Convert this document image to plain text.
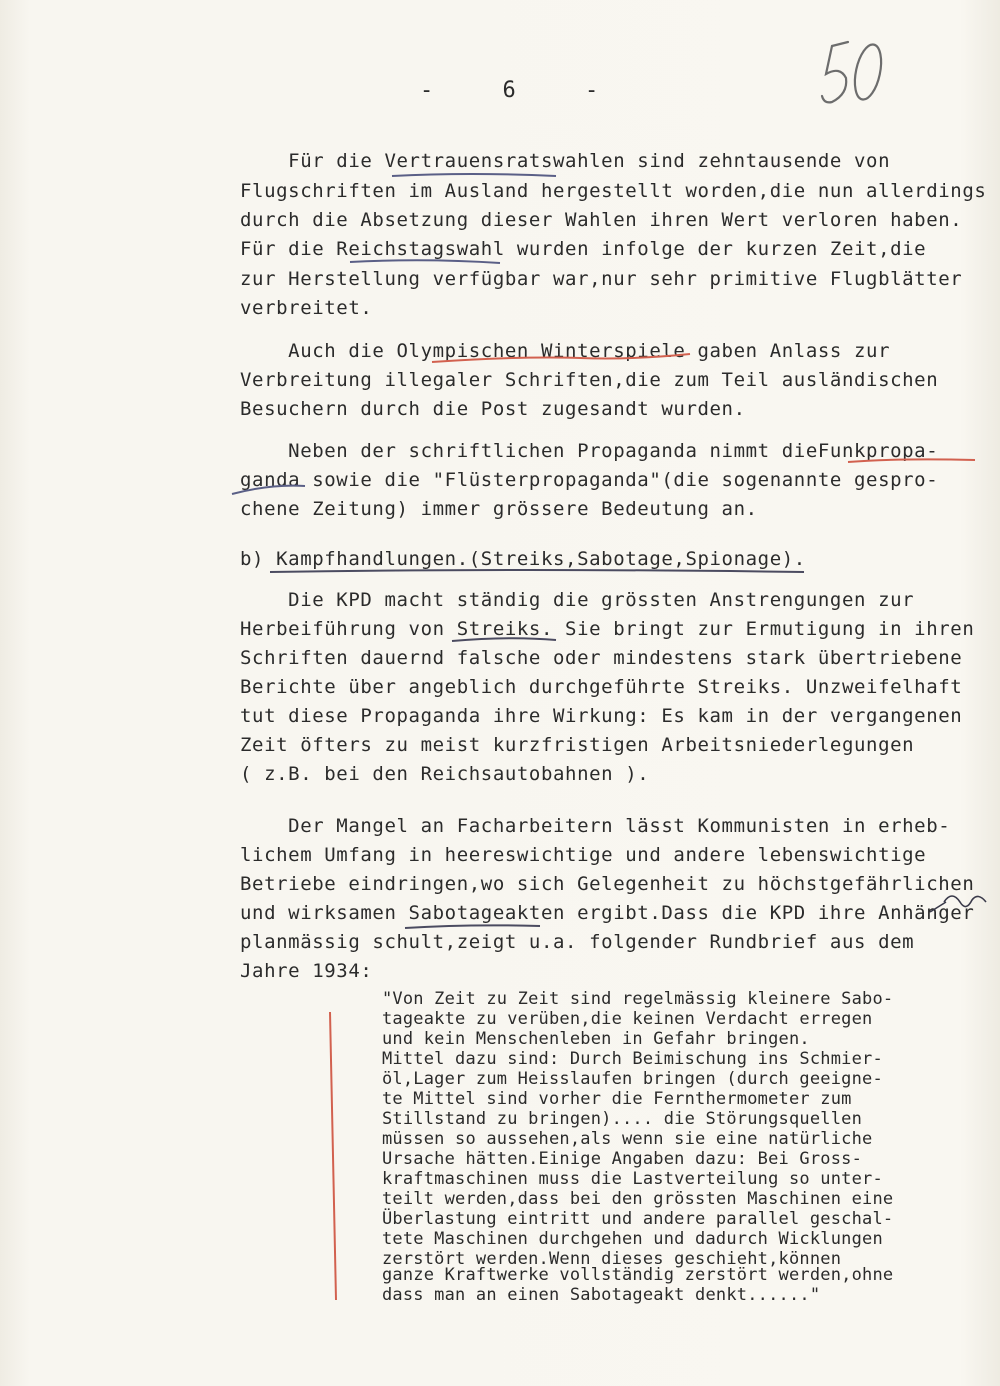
- 6 -
Für die Vertrauensratswahlen sind zehntausende von
Flugschriften im Ausland hergestellt worden,die nun allerdings
durch die Absetzung dieser Wahlen ihren Wert verloren haben.
Für die Reichstagswahl wurden infolge der kurzen Zeit,die
zur Herstellung verfügbar war,nur sehr primitive Flugblätter
verbreitet.
Auch die Olympischen Winterspiele gaben Anlass zur
Verbreitung illegaler Schriften,die zum Teil ausländischen
Besuchern durch die Post zugesandt wurden.
Neben der schriftlichen Propaganda nimmt dieFunkpropa-
ganda sowie die "Flüsterpropaganda"(die sogenannte gespro-
chene Zeitung) immer grössere Bedeutung an.
b) Kampfhandlungen.(Streiks,Sabotage,Spionage).
Die KPD macht ständig die grössten Anstrengungen zur
Herbeiführung von Streiks. Sie bringt zur Ermutigung in ihren
Schriften dauernd falsche oder mindestens stark übertriebene
Berichte über angeblich durchgeführte Streiks. Unzweifelhaft
tut diese Propaganda ihre Wirkung: Es kam in der vergangenen
Zeit öfters zu meist kurzfristigen Arbeitsniederlegungen
( z.B. bei den Reichsautobahnen ).
Der Mangel an Facharbeitern lässt Kommunisten in erheb-
lichem Umfang in heereswichtige und andere lebenswichtige
Betriebe eindringen,wo sich Gelegenheit zu höchstgefährlichen
und wirksamen Sabotageakten ergibt.Dass die KPD ihre Anhänger
planmässig schult,zeigt u.a. folgender Rundbrief aus dem
Jahre 1934:
"Von Zeit zu Zeit sind regelmässig kleinere Sabo-
tageakte zu verüben,die keinen Verdacht erregen
und kein Menschenleben in Gefahr bringen.
Mittel dazu sind: Durch Beimischung ins Schmier-
öl,Lager zum Heisslaufen bringen (durch geeigne-
te Mittel sind vorher die Fernthermometer zum
Stillstand zu bringen).... die Störungsquellen
müssen so aussehen,als wenn sie eine natürliche
Ursache hätten.Einige Angaben dazu: Bei Gross-
kraftmaschinen muss die Lastverteilung so unter-
teilt werden,dass bei den grössten Maschinen eine
Überlastung eintritt und andere parallel geschal-
tete Maschinen durchgehen und dadurch Wicklungen
zerstört werden.Wenn dieses geschieht,können
ganze Kraftwerke vollständig zerstört werden,ohne
dass man an einen Sabotageakt denkt......"
